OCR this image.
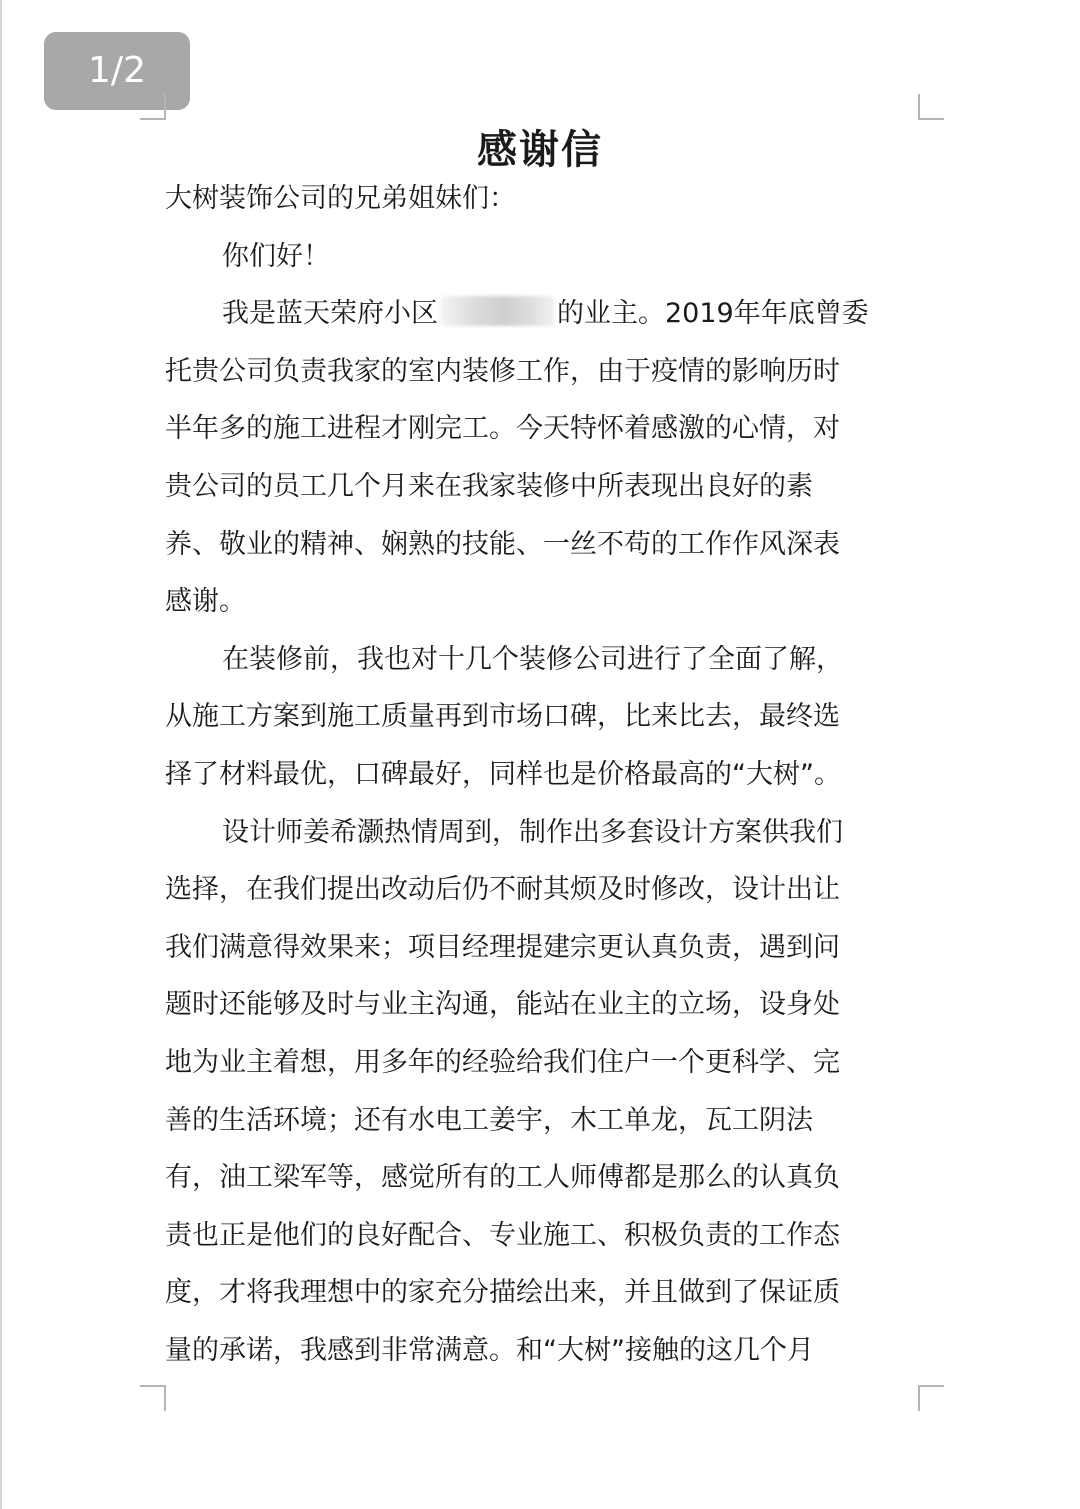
1/2
感谢信
大树装饰公司的兄弟姐妹们：
你们好！
我是蓝天荣府小区	的业主。2019年年底曾委
托贵公司负责我家的室内装修工作，由于疫情的影响历时
半年多的施工进程才刚完工。今天特怀着感激的心情，对
贵公司的员工几个月来在我家装修中所表现出良好的素
养、敬业的精神、娴熟的技能、一丝不苟的工作作风深表
感谢。
在装修前，我也对十几个装修公司进行了全面了解，
从施工方案到施工质量再到市场口碑，比来比去，最终选
择了材料最优，口碑最好，同样也是价格最高的“大树”。
设计师姜希灏热情周到，制作出多套设计方案供我们
选择，在我们提出改动后仍不耐其烦及时修改，设计出让
我们满意得效果来；项目经理提建宗更认真负责，遇到问
题时还能够及时与业主沟通，能站在业主的立场，设身处
地为业主着想，用多年的经验给我们住户一个更科学、完
善的生活环境；还有水电工姜宇，木工单龙，瓦工阴法
有，油工梁军等，感觉所有的工人师傅都是那么的认真负
责也正是他们的良好配合、专业施工、积极负责的工作态
度，才将我理想中的家充分描绘出来，并且做到了保证质
量的承诺，我感到非常满意。和“大树”接触的这几个月
